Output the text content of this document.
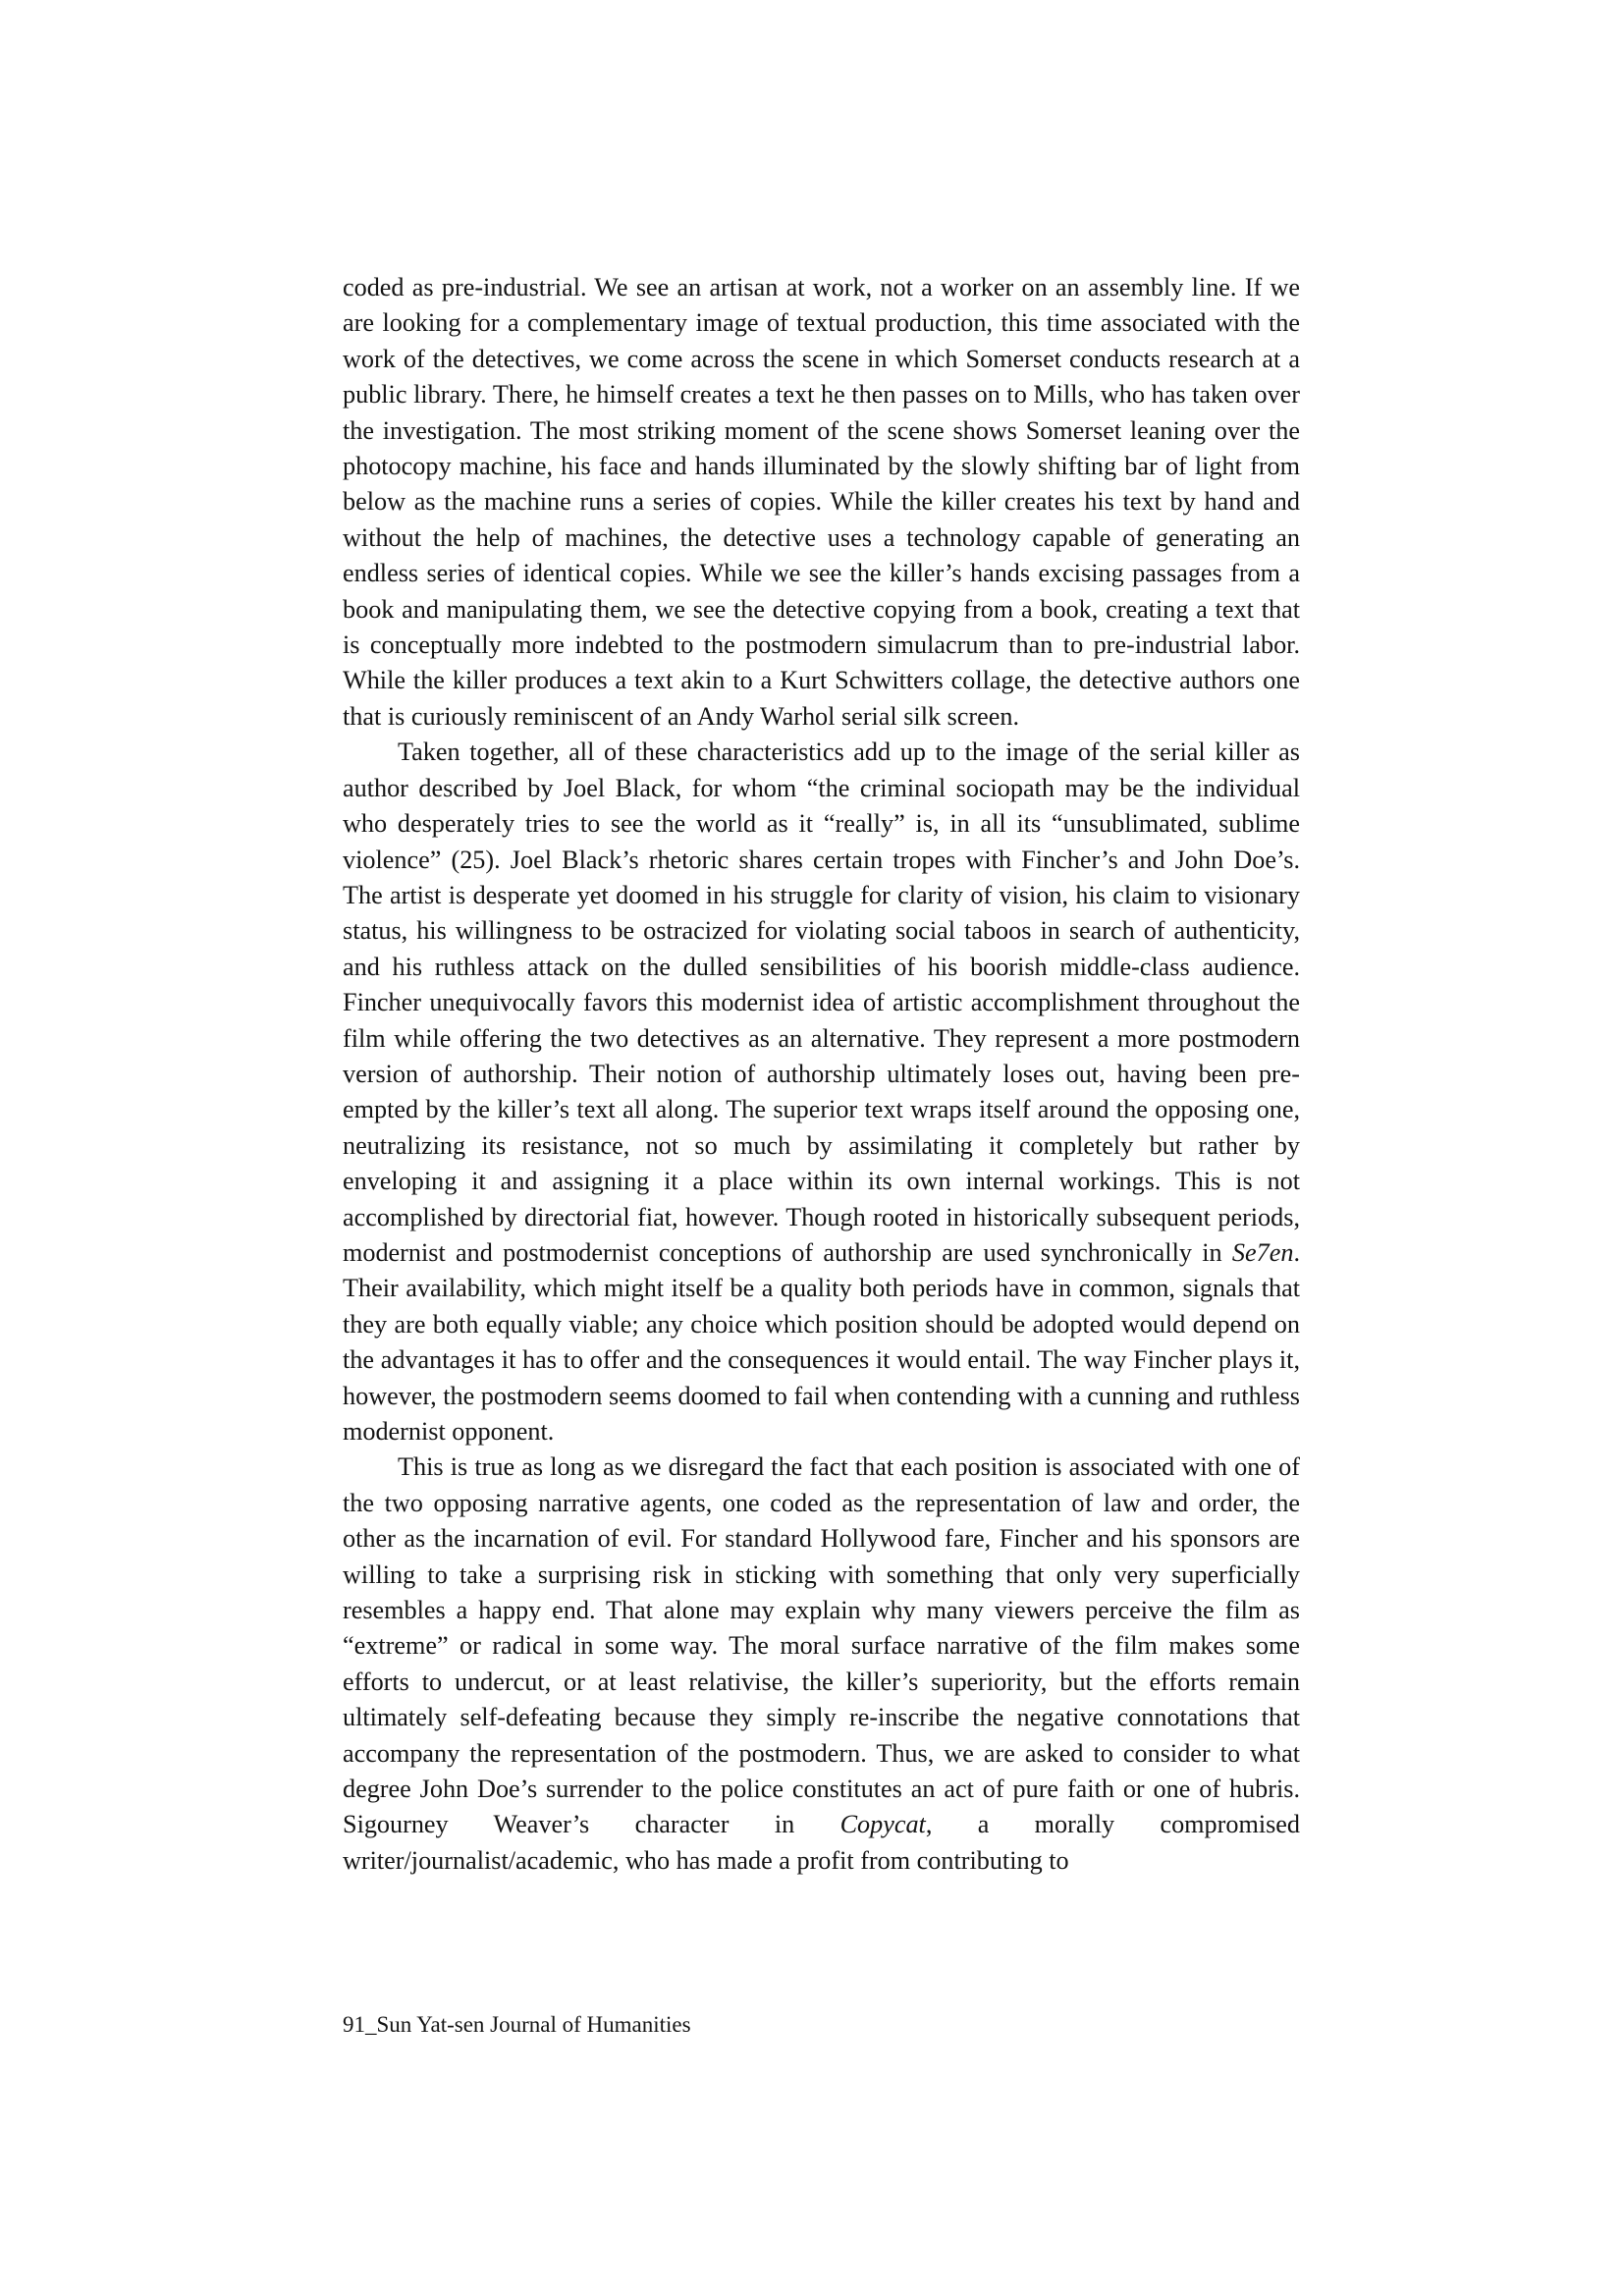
coded as pre-industrial. We see an artisan at work, not a worker on an assembly line. If we are looking for a complementary image of textual production, this time associated with the work of the detectives, we come across the scene in which Somerset conducts research at a public library. There, he himself creates a text he then passes on to Mills, who has taken over the investigation. The most striking moment of the scene shows Somerset leaning over the photocopy machine, his face and hands illuminated by the slowly shifting bar of light from below as the machine runs a series of copies. While the killer creates his text by hand and without the help of machines, the detective uses a technology capable of generating an endless series of identical copies. While we see the killer’s hands excising passages from a book and manipulating them, we see the detective copying from a book, creating a text that is conceptually more indebted to the postmodern simulacrum than to pre-industrial labor. While the killer produces a text akin to a Kurt Schwitters collage, the detective authors one that is curiously reminiscent of an Andy Warhol serial silk screen.

Taken together, all of these characteristics add up to the image of the serial killer as author described by Joel Black, for whom “the criminal sociopath may be the individual who desperately tries to see the world as it “really” is, in all its “unsublimated, sublime violence” (25). Joel Black’s rhetoric shares certain tropes with Fincher’s and John Doe’s. The artist is desperate yet doomed in his struggle for clarity of vision, his claim to visionary status, his willingness to be ostracized for violating social taboos in search of authenticity, and his ruthless attack on the dulled sensibilities of his boorish middle-class audience. Fincher unequivocally favors this modernist idea of artistic accomplishment throughout the film while offering the two detectives as an alternative. They represent a more postmodern version of authorship. Their notion of authorship ultimately loses out, having been pre-empted by the killer’s text all along. The superior text wraps itself around the opposing one, neutralizing its resistance, not so much by assimilating it completely but rather by enveloping it and assigning it a place within its own internal workings. This is not accomplished by directorial fiat, however. Though rooted in historically subsequent periods, modernist and postmodernist conceptions of authorship are used synchronically in Se7en. Their availability, which might itself be a quality both periods have in common, signals that they are both equally viable; any choice which position should be adopted would depend on the advantages it has to offer and the consequences it would entail. The way Fincher plays it, however, the postmodern seems doomed to fail when contending with a cunning and ruthless modernist opponent.

This is true as long as we disregard the fact that each position is associated with one of the two opposing narrative agents, one coded as the representation of law and order, the other as the incarnation of evil. For standard Hollywood fare, Fincher and his sponsors are willing to take a surprising risk in sticking with something that only very superficially resembles a happy end. That alone may explain why many viewers perceive the film as “extreme” or radical in some way. The moral surface narrative of the film makes some efforts to undercut, or at least relativise, the killer’s superiority, but the efforts remain ultimately self-defeating because they simply re-inscribe the negative connotations that accompany the representation of the postmodern. Thus, we are asked to consider to what degree John Doe’s surrender to the police constitutes an act of pure faith or one of hubris. Sigourney Weaver’s character in Copycat, a morally compromised writer/journalist/academic, who has made a profit from contributing to

91_Sun Yat-sen Journal of Humanities
